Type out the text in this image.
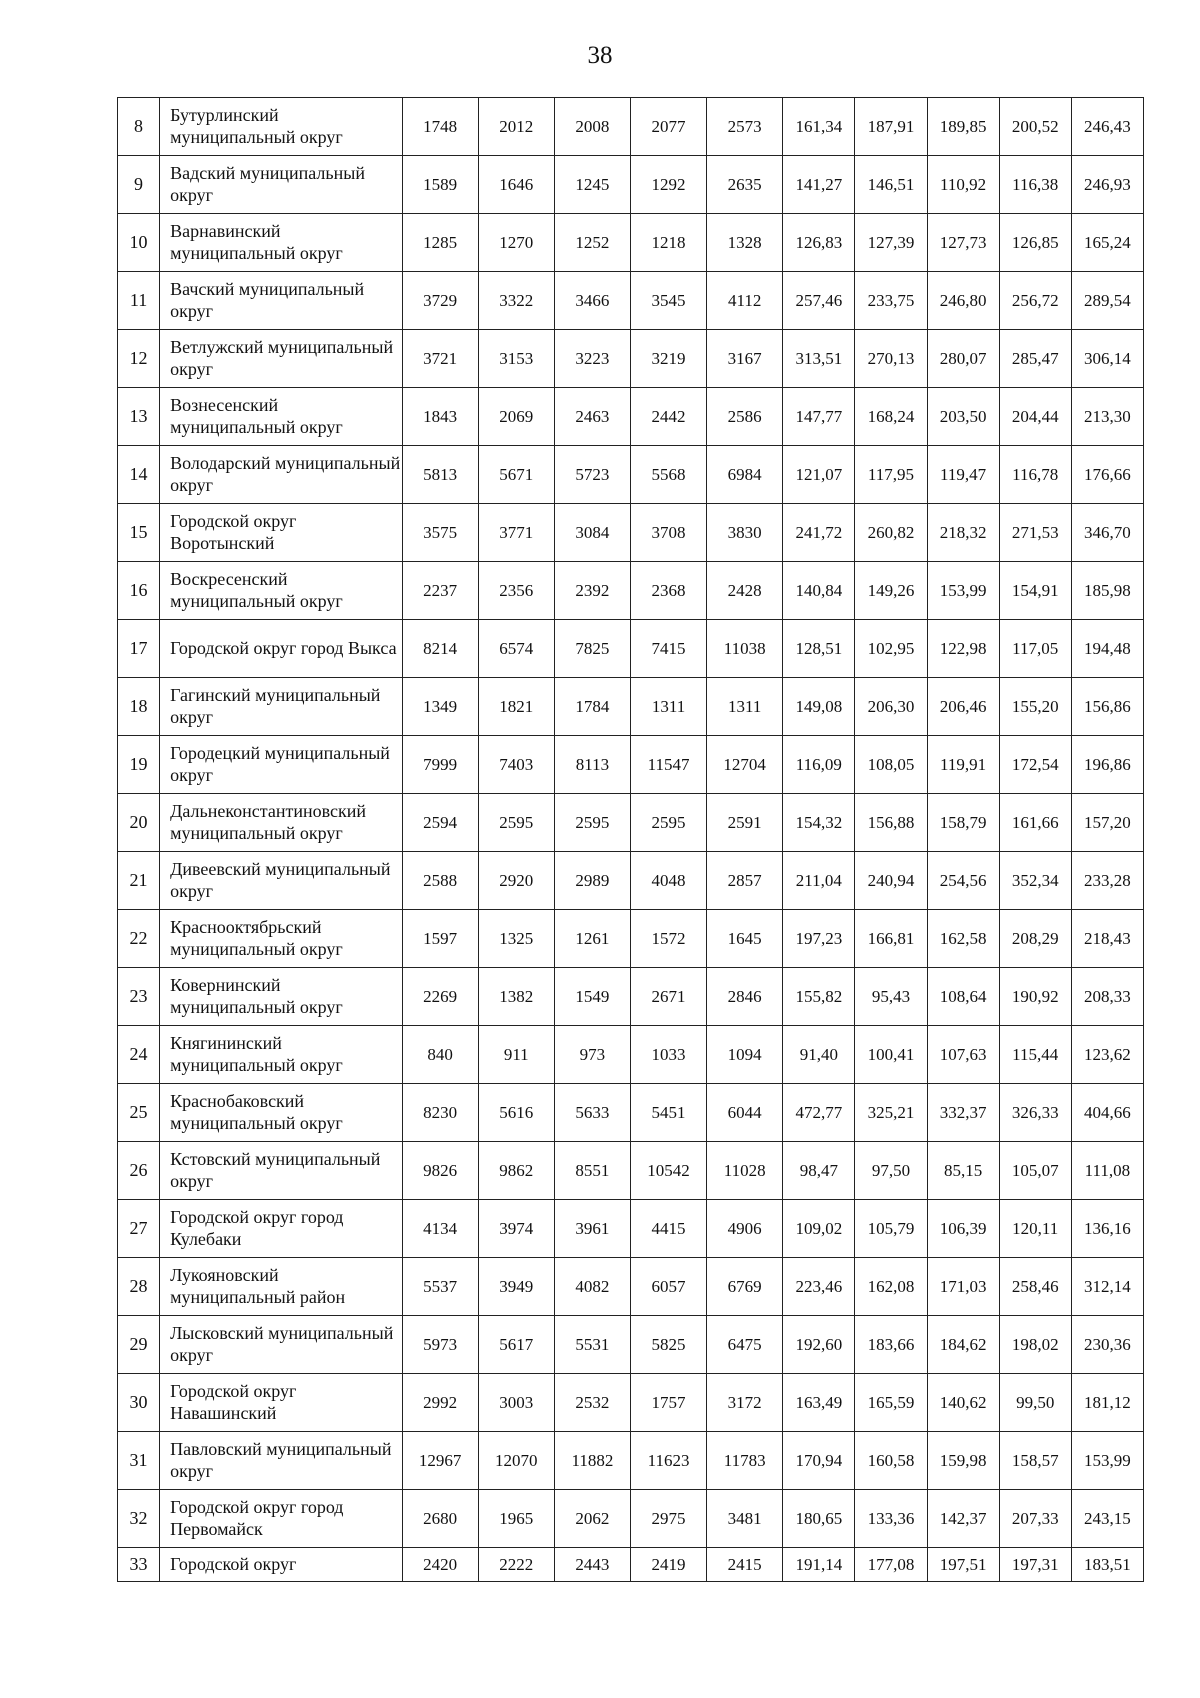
38
8	Бутурлинский муниципальный округ	1748	2012	2008	2077	2573	161,34	187,91	189,85	200,52	246,43
9	Вадский муниципальный округ	1589	1646	1245	1292	2635	141,27	146,51	110,92	116,38	246,93
10	Варнавинский муниципальный округ	1285	1270	1252	1218	1328	126,83	127,39	127,73	126,85	165,24
11	Вачский муниципальный округ	3729	3322	3466	3545	4112	257,46	233,75	246,80	256,72	289,54
12	Ветлужский муниципальный округ	3721	3153	3223	3219	3167	313,51	270,13	280,07	285,47	306,14
13	Вознесенский муниципальный округ	1843	2069	2463	2442	2586	147,77	168,24	203,50	204,44	213,30
14	Володарский муниципальный округ	5813	5671	5723	5568	6984	121,07	117,95	119,47	116,78	176,66
15	Городской округ Воротынский	3575	3771	3084	3708	3830	241,72	260,82	218,32	271,53	346,70
16	Воскресенский муниципальный округ	2237	2356	2392	2368	2428	140,84	149,26	153,99	154,91	185,98
17	Городской округ город Выкса	8214	6574	7825	7415	11038	128,51	102,95	122,98	117,05	194,48
18	Гагинский муниципальный округ	1349	1821	1784	1311	1311	149,08	206,30	206,46	155,20	156,86
19	Городецкий муниципальный округ	7999	7403	8113	11547	12704	116,09	108,05	119,91	172,54	196,86
20	Дальнеконстантиновский муниципальный округ	2594	2595	2595	2595	2591	154,32	156,88	158,79	161,66	157,20
21	Дивеевский муниципальный округ	2588	2920	2989	4048	2857	211,04	240,94	254,56	352,34	233,28
22	Краснооктябрьский муниципальный округ	1597	1325	1261	1572	1645	197,23	166,81	162,58	208,29	218,43
23	Ковернинский муниципальный округ	2269	1382	1549	2671	2846	155,82	95,43	108,64	190,92	208,33
24	Княгининский муниципальный округ	840	911	973	1033	1094	91,40	100,41	107,63	115,44	123,62
25	Краснобаковский муниципальный округ	8230	5616	5633	5451	6044	472,77	325,21	332,37	326,33	404,66
26	Кстовский муниципальный округ	9826	9862	8551	10542	11028	98,47	97,50	85,15	105,07	111,08
27	Городской округ город Кулебаки	4134	3974	3961	4415	4906	109,02	105,79	106,39	120,11	136,16
28	Лукояновский муниципальный район	5537	3949	4082	6057	6769	223,46	162,08	171,03	258,46	312,14
29	Лысковский муниципальный округ	5973	5617	5531	5825	6475	192,60	183,66	184,62	198,02	230,36
30	Городской округ Навашинский	2992	3003	2532	1757	3172	163,49	165,59	140,62	99,50	181,12
31	Павловский муниципальный округ	12967	12070	11882	11623	11783	170,94	160,58	159,98	158,57	153,99
32	Городской округ город Первомайск	2680	1965	2062	2975	3481	180,65	133,36	142,37	207,33	243,15
33	Городской округ	2420	2222	2443	2419	2415	191,14	177,08	197,51	197,31	183,51
